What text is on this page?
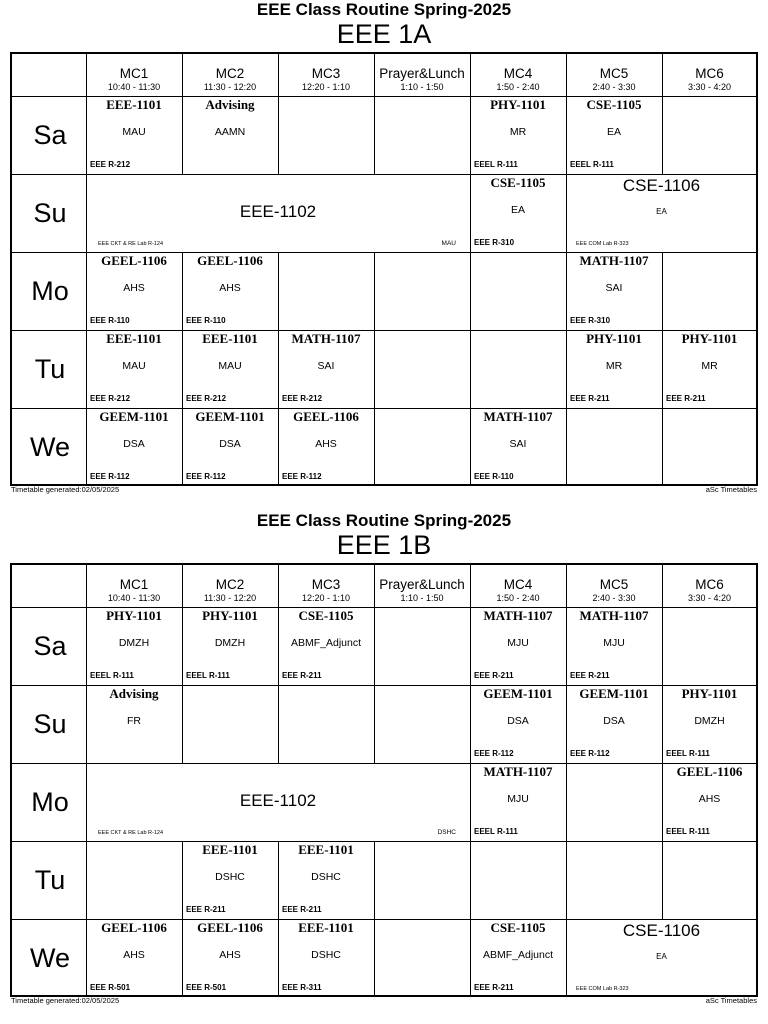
EEE Class Routine Spring-2025
EEE 1A
MC1
10:40 - 11:30
MC2
11:30 - 12:20
MC3
12:20 - 1:10
Prayer&Lunch
1:10 - 1:50
MC4
1:50 - 2:40
MC5
2:40 - 3:30
MC6
3:30 - 4:20
Sa
Su
Mo
Tu
We
EEE-1101
MAU
EEE R-212
Advising
AAMN
PHY-1101
MR
EEEL R-111
CSE-1105
EA
EEEL R-111
CSE-1105
EA
EEE R-310
GEEL-1106
AHS
EEE R-110
GEEL-1106
AHS
EEE R-110
MATH-1107
SAI
EEE R-310
EEE-1101
MAU
EEE R-212
EEE-1101
MAU
EEE R-212
MATH-1107
SAI
EEE R-212
PHY-1101
MR
EEE R-211
PHY-1101
MR
EEE R-211
GEEM-1101
DSA
EEE R-112
GEEM-1101
DSA
EEE R-112
GEEL-1106
AHS
EEE R-112
MATH-1107
SAI
EEE R-110
EEE-1102
MAU
EEE CKT & RE Lab R-124
CSE-1106
EA
EEE COM Lab R-323
Timetable generated:02/05/2025	aSc Timetables
EEE Class Routine Spring-2025
EEE 1B
MC1
10:40 - 11:30
MC2
11:30 - 12:20
MC3
12:20 - 1:10
Prayer&Lunch
1:10 - 1:50
MC4
1:50 - 2:40
MC5
2:40 - 3:30
MC6
3:30 - 4:20
Sa
Su
Mo
Tu
We
PHY-1101
DMZH
EEEL R-111
PHY-1101
DMZH
EEEL R-111
CSE-1105
ABMF_Adjunct
EEE R-211
MATH-1107
MJU
EEE R-211
MATH-1107
MJU
EEE R-211
Advising
FR
GEEM-1101
DSA
EEE R-112
GEEM-1101
DSA
EEE R-112
PHY-1101
DMZH
EEEL R-111
MATH-1107
MJU
EEEL R-111
GEEL-1106
AHS
EEEL R-111
EEE-1101
DSHC
EEE R-211
EEE-1101
DSHC
EEE R-211
GEEL-1106
AHS
EEE R-501
GEEL-1106
AHS
EEE R-501
EEE-1101
DSHC
EEE R-311
CSE-1105
ABMF_Adjunct
EEE R-211
EEE-1102
DSHC
EEE CKT & RE Lab R-124
CSE-1106
EA
EEE COM Lab R-323
Timetable generated:02/05/2025	aSc Timetables
